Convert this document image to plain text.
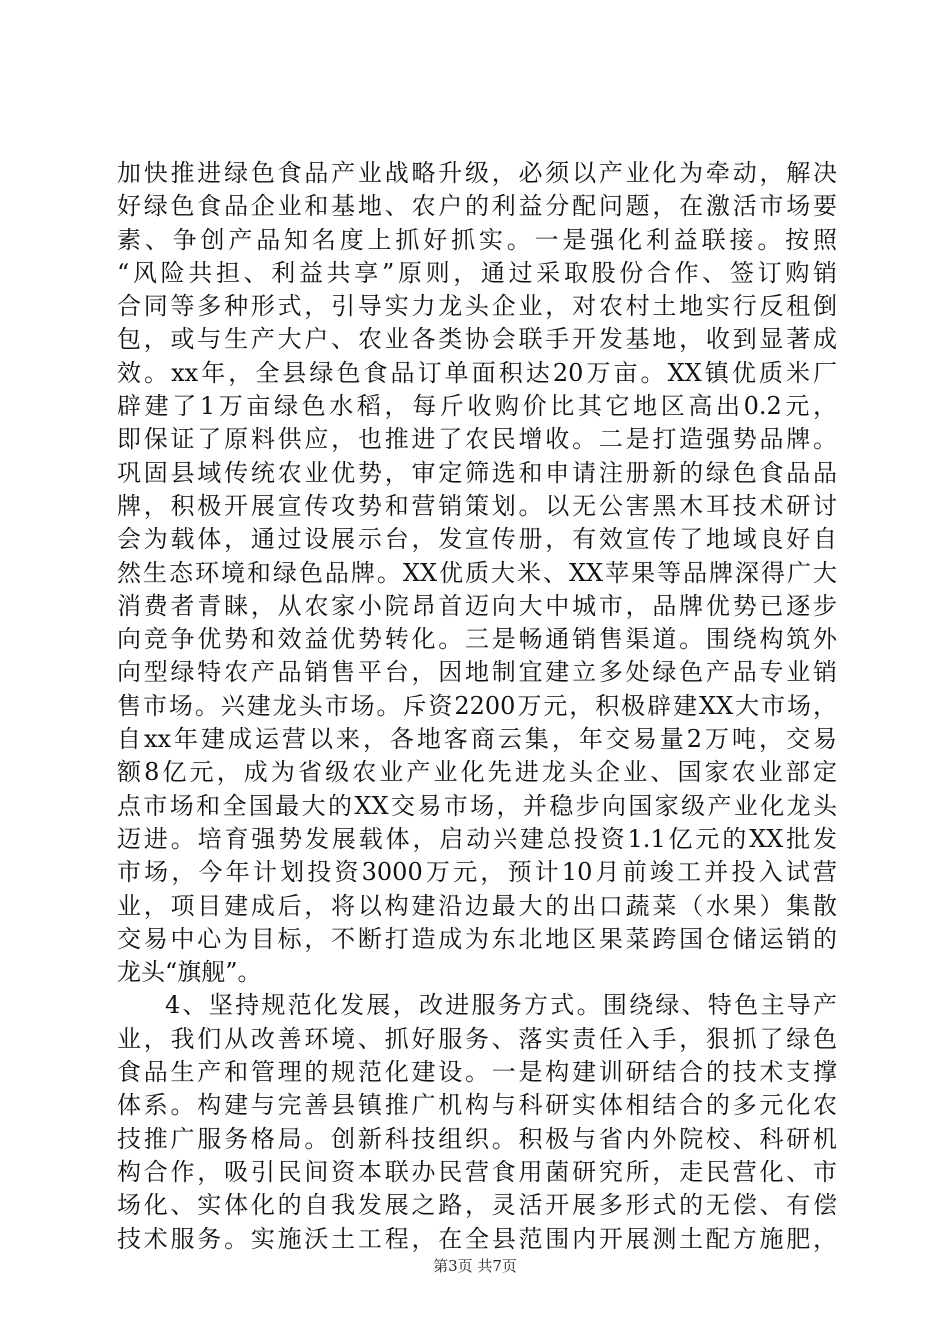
加快推进绿色食品产业战略升级，必须以产业化为牵动，解决
好绿色食品企业和基地、农户的利益分配问题，在激活市场要
素、争创产品知名度上抓好抓实。一是强化利益联接。按照
“风险共担、利益共享”原则，通过采取股份合作、签订购销
合同等多种形式，引导实力龙头企业，对农村土地实行反租倒
包，或与生产大户、农业各类协会联手开发基地，收到显著成
效。xx年，全县绿色食品订单面积达20万亩。XX镇优质米厂
辟建了1万亩绿色水稻，每斤收购价比其它地区高出0.2元，
即保证了原料供应，也推进了农民增收。二是打造强势品牌。
巩固县域传统农业优势，审定筛选和申请注册新的绿色食品品
牌，积极开展宣传攻势和营销策划。以无公害黑木耳技术研讨
会为载体，通过设展示台，发宣传册，有效宣传了地域良好自
然生态环境和绿色品牌。XX优质大米、XX苹果等品牌深得广大
消费者青睐，从农家小院昂首迈向大中城市，品牌优势已逐步
向竞争优势和效益优势转化。三是畅通销售渠道。围绕构筑外
向型绿特农产品销售平台，因地制宜建立多处绿色产品专业销
售市场。兴建龙头市场。斥资2200万元，积极辟建XX大市场，
自xx年建成运营以来，各地客商云集，年交易量2万吨，交易
额8亿元，成为省级农业产业化先进龙头企业、国家农业部定
点市场和全国最大的XX交易市场，并稳步向国家级产业化龙头
迈进。培育强势发展载体，启动兴建总投资1.1亿元的XX批发
市场，今年计划投资3000万元，预计10月前竣工并投入试营
业，项目建成后，将以构建沿边最大的出口蔬菜（水果）集散
交易中心为目标，不断打造成为东北地区果菜跨国仓储运销的
龙头“旗舰”。
4、坚持规范化发展，改进服务方式。围绕绿、特色主导产
业，我们从改善环境、抓好服务、落实责任入手，狠抓了绿色
食品生产和管理的规范化建设。一是构建训研结合的技术支撑
体系。构建与完善县镇推广机构与科研实体相结合的多元化农
技推广服务格局。创新科技组织。积极与省内外院校、科研机
构合作，吸引民间资本联办民营食用菌研究所，走民营化、市
场化、实体化的自我发展之路，灵活开展多形式的无偿、有偿
技术服务。实施沃土工程，在全县范围内开展测土配方施肥，
第3页 共7页
